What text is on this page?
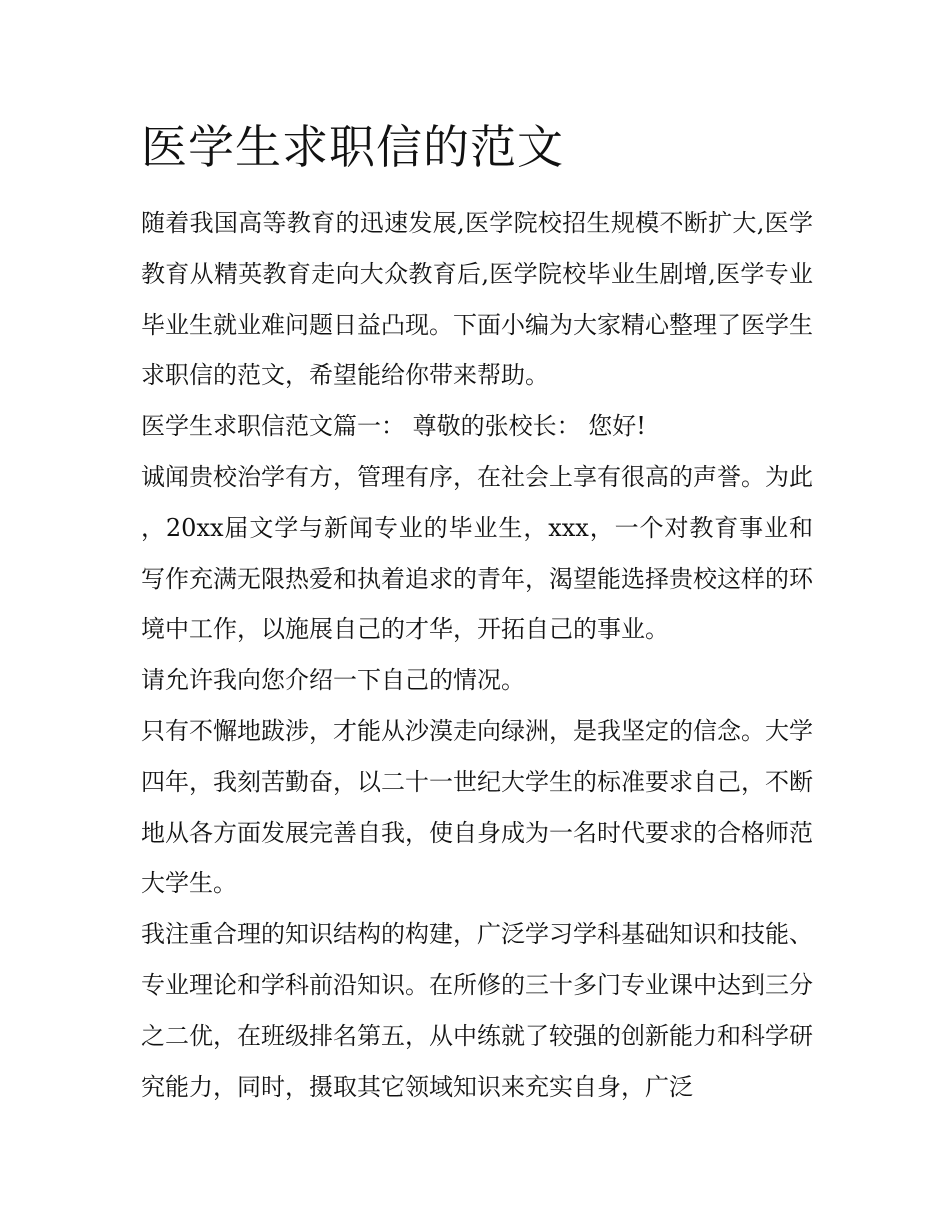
医学生求职信的范文

随着我国高等教育的迅速发展,医学院校招生规模不断扩大,医学教育从精英教育走向大众教育后,医学院校毕业生剧增,医学专业毕业生就业难问题日益凸现。下面小编为大家精心整理了医学生求职信的范文，希望能给你带来帮助。

医学生求职信范文篇一： 尊敬的张校长： 您好!

诚闻贵校治学有方，管理有序，在社会上享有很高的声誉。为此，20xx届文学与新闻专业的毕业生，xxx，一个对教育事业和写作充满无限热爱和执着追求的青年，渴望能选择贵校这样的环境中工作，以施展自己的才华，开拓自己的事业。

请允许我向您介绍一下自己的情况。

只有不懈地跋涉，才能从沙漠走向绿洲，是我坚定的信念。大学四年，我刻苦勤奋，以二十一世纪大学生的标准要求自己，不断地从各方面发展完善自我，使自身成为一名时代要求的合格师范大学生。

我注重合理的知识结构的构建，广泛学习学科基础知识和技能、专业理论和学科前沿知识。在所修的三十多门专业课中达到三分之二优，在班级排名第五，从中练就了较强的创新能力和科学研究能力，同时，摄取其它领域知识来充实自身，广泛
